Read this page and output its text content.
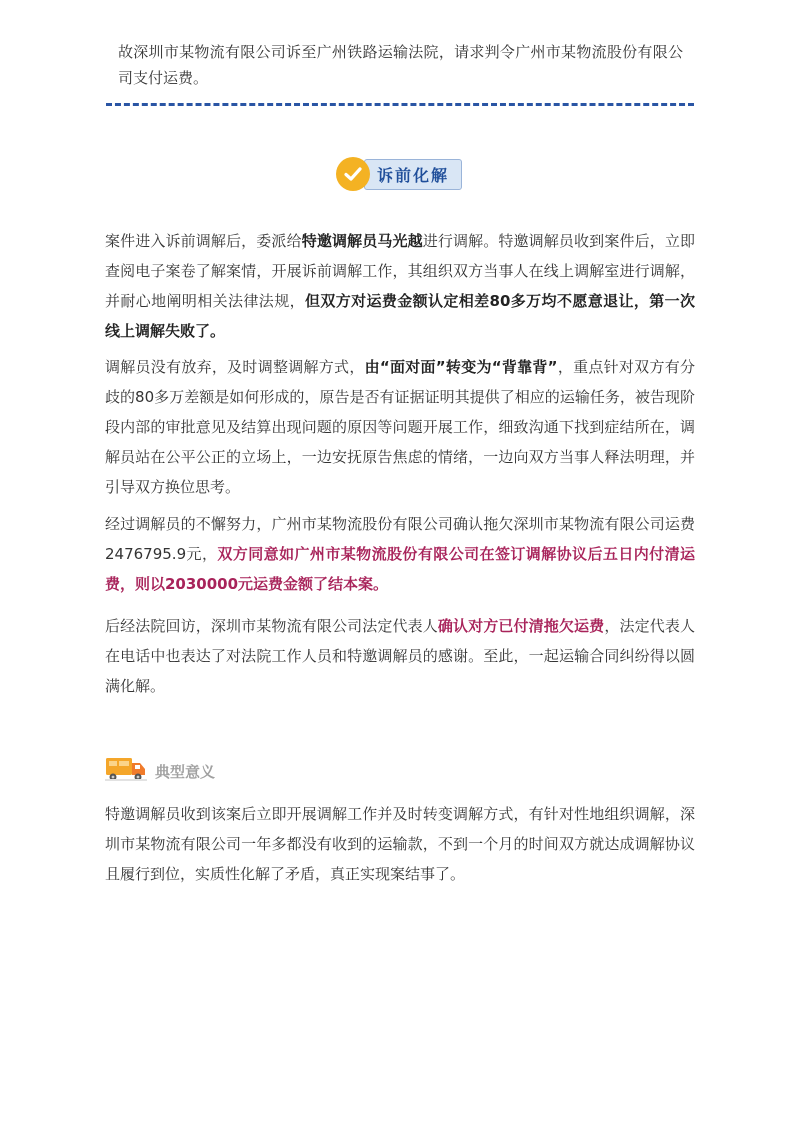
故深圳市某物流有限公司诉至广州铁路运输法院，请求判令广州市某物流股份有限公司支付运费。

诉前化解

案件进入诉前调解后，委派给特邀调解员马光越进行调解。特邀调解员收到案件后，立即查阅电子案卷了解案情，开展诉前调解工作，其组织双方当事人在线上调解室进行调解，并耐心地阐明相关法律法规，但双方对运费金额认定相差80多万均不愿意退让，第一次线上调解失败了。

调解员没有放弃，及时调整调解方式，由“面对面”转变为“背靠背”，重点针对双方有分歧的80多万差额是如何形成的，原告是否有证据证明其提供了相应的运输任务，被告现阶段内部的审批意见及结算出现问题的原因等问题开展工作，细致沟通下找到症结所在，调解员站在公平公正的立场上，一边安抚原告焦虑的情绪，一边向双方当事人释法明理，并引导双方换位思考。

经过调解员的不懈努力，广州市某物流股份有限公司确认拖欠深圳市某物流有限公司运费2476795.9元，双方同意如广州市某物流股份有限公司在签订调解协议后五日内付清运费，则以2030000元运费金额了结本案。

后经法院回访，深圳市某物流有限公司法定代表人确认对方已付清拖欠运费，法定代表人在电话中也表达了对法院工作人员和特邀调解员的感谢。至此，一起运输合同纠纷得以圆满化解。

典型意义

特邀调解员收到该案后立即开展调解工作并及时转变调解方式，有针对性地组织调解，深圳市某物流有限公司一年多都没有收到的运输款，不到一个月的时间双方就达成调解协议且履行到位，实质性化解了矛盾，真正实现案结事了。
